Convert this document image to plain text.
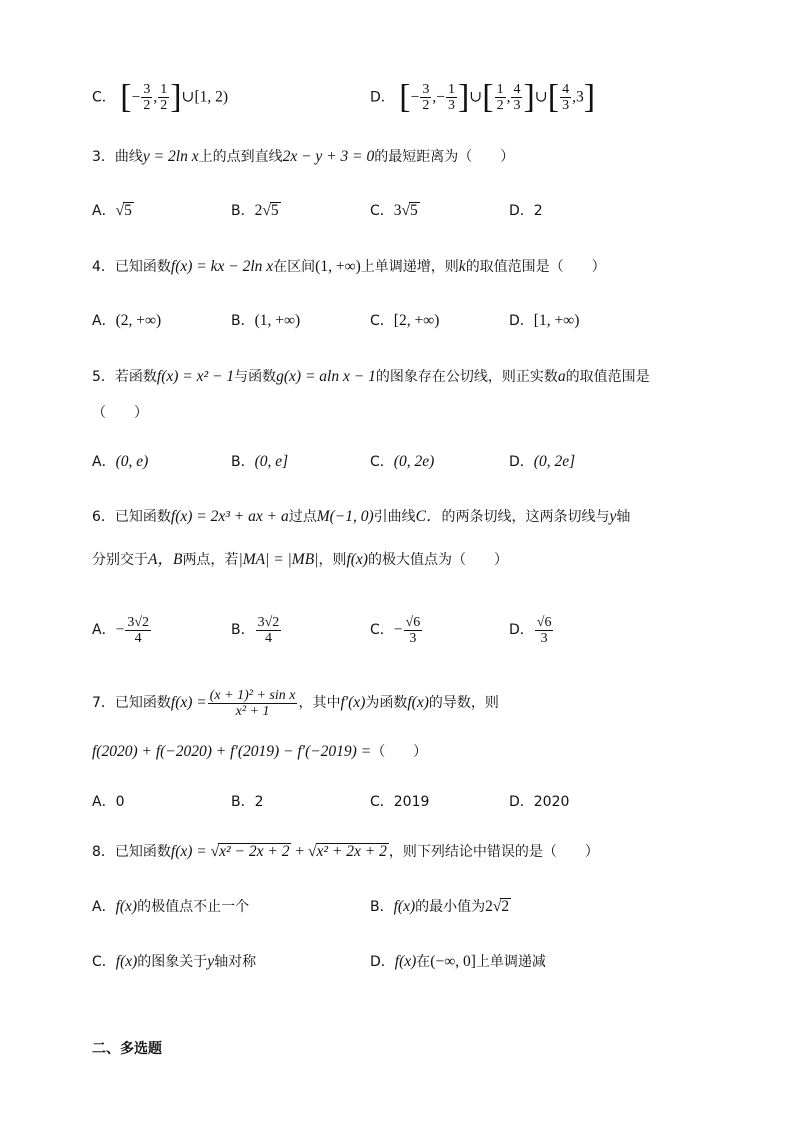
C． [− $\frac{3}{2}$ , $\frac{1}{2}$ ]∪[1, 2)	D． [− $\frac{3}{2}$ ,− $\frac{1}{3}$ ]∪[ $\frac{1}{2}$ , $\frac{4}{3}$ ]∪[ $\frac{4}{3} ,3$]
3．曲线y = 2ln x上的点到直线2x − y + 3 = 0的最短距离为（　　）
A．√5	B．2√5	C．3√5	D．2
4．已知函数f(x) = kx − 2ln x在区间(1, +∞)上单调递增，则k的取值范围是（　　）
A．(2, +∞)	B．(1, +∞)	C．[2, +∞)	D．[1, +∞)
5．若函数f(x) = x² − 1与函数g(x) = aln x − 1的图象存在公切线，则正实数a的取值范围是
（　　）
A．(0, e)	B．(0, e]	C．(0, 2e)	D．(0, 2e]
6．已知函数f(x) = 2x³ + ax + a过点M(−1, 0)引曲线C．的两条切线，这两条切线与y轴
分别交于A，B两点，若|MA| = |MB|，则f(x)的极大值点为（　　）
A．− $\frac{3√2}{4}$	B． $\frac{3√2}{4}$	C．− $\frac{√6}{3}$	D． $\frac{√6}{3}$
7．已知函数$f(x) = \frac{\text{(x + 1)² + sin x}}{\text{x² + 1}}$ ，其中f′(x)为函数f(x)的导数，则
f(2020) + f(−2020) + f′(2019) − f′(−2019) =（　　）
A．0	B．2	C．2019	D．2020
8．已知函数f(x) = √x² − 2x + 2 + √x² + 2x + 2 ，则下列结论中错误的是（　　）
A．f(x)的极值点不止一个	B．f(x)的最小值为2√2
C．f(x)的图象关于y轴对称	D．f(x)在(−∞, 0]上单调递减
二、多选题
